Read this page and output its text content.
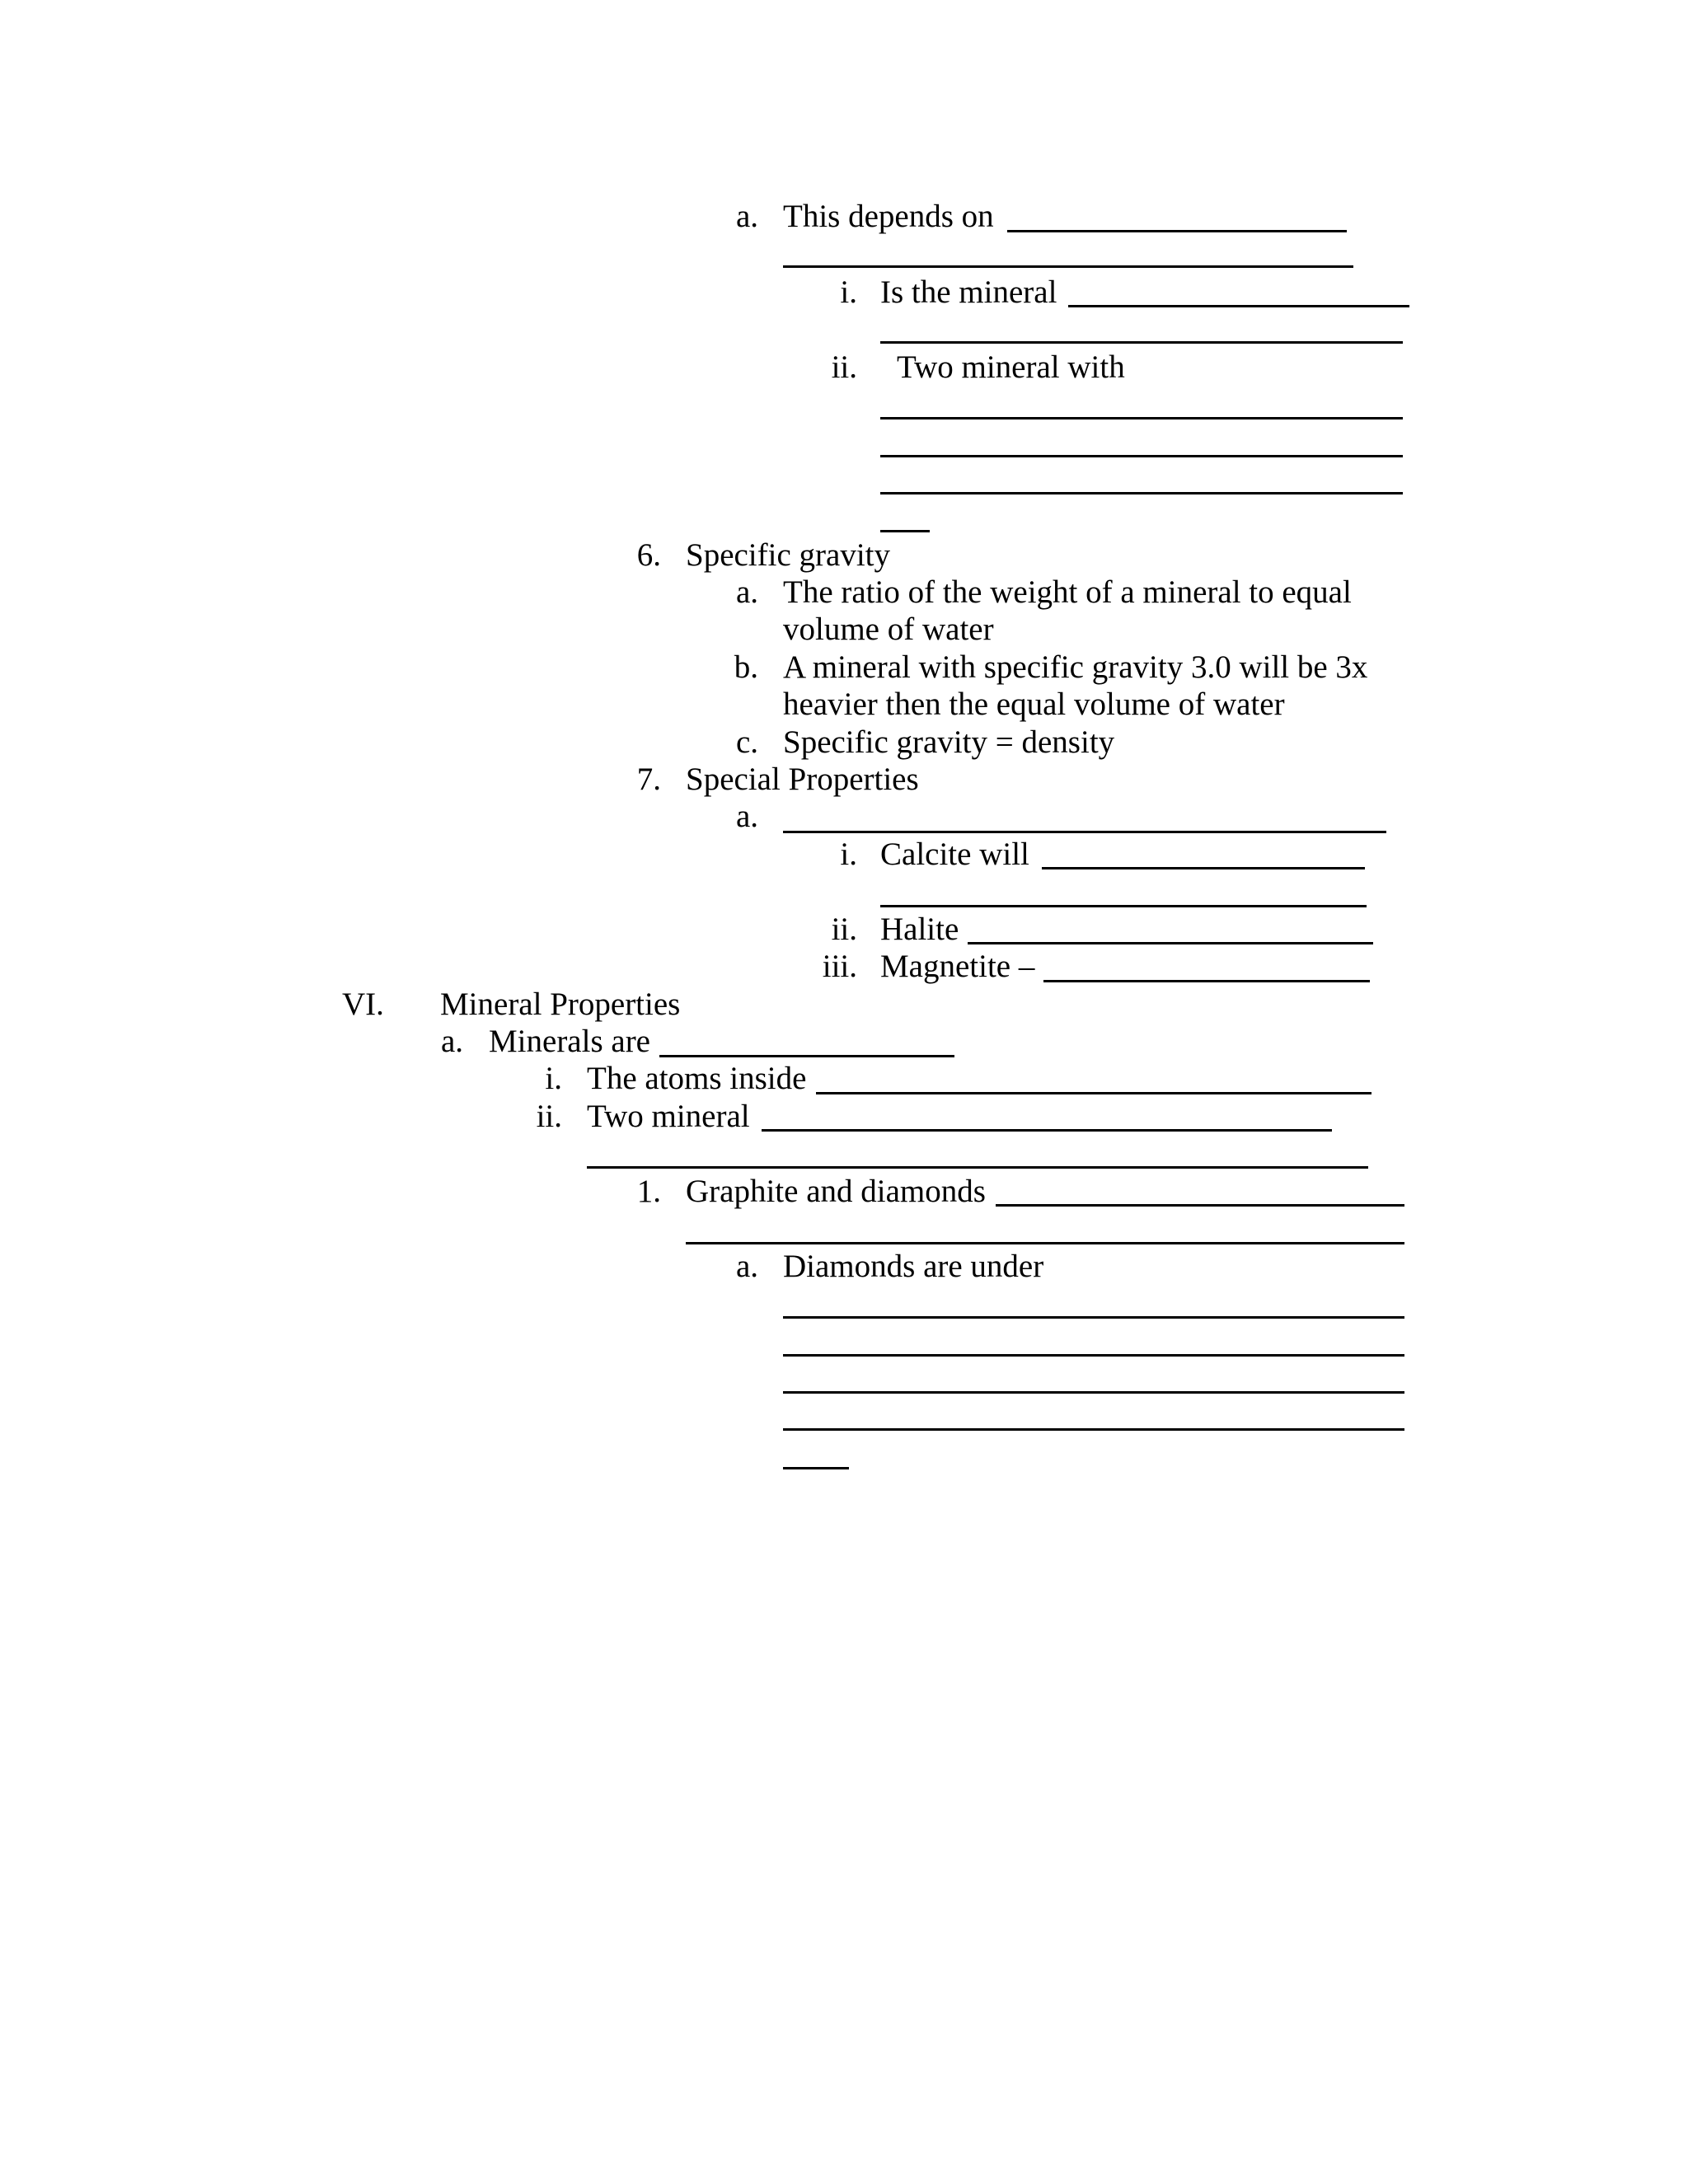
a. This depends on
i. Is the mineral
ii. Two mineral with
6. Specific gravity
a. The ratio of the weight of a mineral to equal
volume of water
b. A mineral with specific gravity 3.0 will be 3x
heavier then the equal volume of water
c. Specific gravity = density
7. Special Properties
a.
i. Calcite will
ii. Halite
iii. Magnetite –
VI. Mineral Properties
a. Minerals are
i. The atoms inside
ii. Two mineral
1. Graphite and diamonds
a. Diamonds are under
